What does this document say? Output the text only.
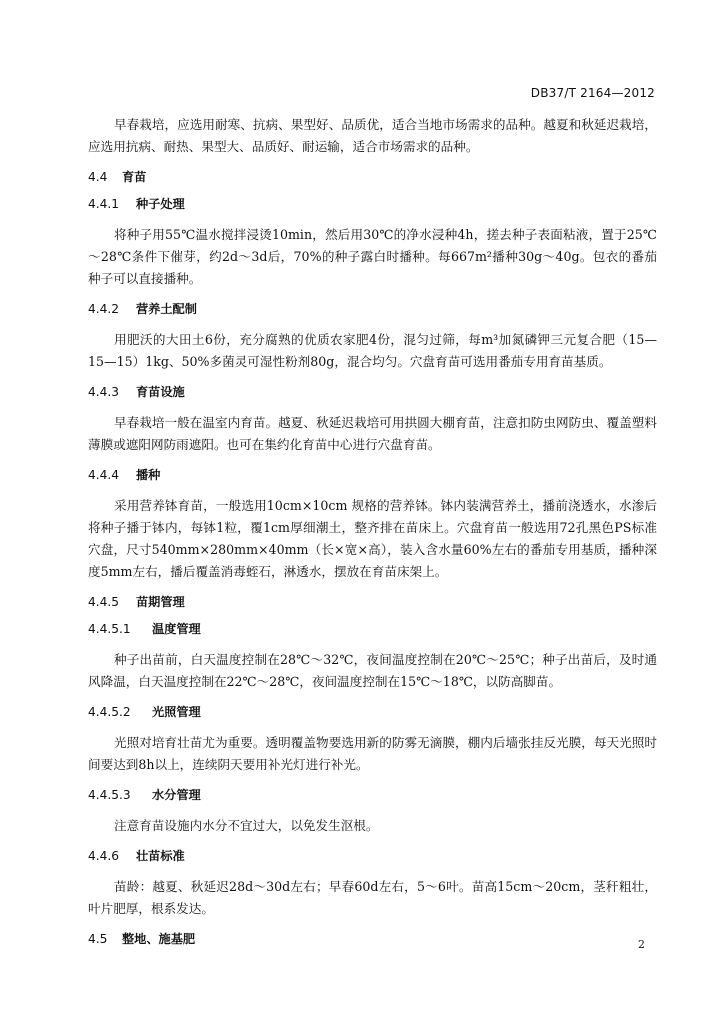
DB37/T 2164—2012

早春栽培，应选用耐寒、抗病、果型好、品质优，适合当地市场需求的品种。越夏和秋延迟栽培，应选用抗病、耐热、果型大、品质好、耐运输，适合市场需求的品种。

4.4	育苗
4.4.1	种子处理

将种子用55℃温水搅拌浸烫10min，然后用30℃的净水浸种4h，搓去种子表面粘液，置于25℃～28℃条件下催芽，约2d～3d后，70%的种子露白时播种。每667m²播种30g～40g。包衣的番茄种子可以直接播种。

4.4.2	营养土配制

用肥沃的大田土6份，充分腐熟的优质农家肥4份，混匀过筛，每m³加氮磷钾三元复合肥（15—15—15）1kg、50%多菌灵可湿性粉剂80g，混合均匀。穴盘育苗可选用番茄专用育苗基质。

4.4.3	育苗设施

早春栽培一般在温室内育苗。越夏、秋延迟栽培可用拱圆大棚育苗，注意扣防虫网防虫、覆盖塑料薄膜或遮阳网防雨遮阳。也可在集约化育苗中心进行穴盘育苗。

4.4.4	播种

采用营养钵育苗，一般选用10cm×10cm 规格的营养钵。钵内装满营养土，播前浇透水，水渗后将种子播于钵内，每钵1粒，覆1cm厚细潮土，整齐排在苗床上。穴盘育苗一般选用72孔黑色PS标准穴盘，尺寸540mm×280mm×40mm（长×宽×高），装入含水量60%左右的番茄专用基质，播种深度5mm左右，播后覆盖消毒蛭石，淋透水，摆放在育苗床架上。

4.4.5	苗期管理
4.4.5.1	温度管理

种子出苗前，白天温度控制在28℃～32℃，夜间温度控制在20℃～25℃；种子出苗后，及时通风降温，白天温度控制在22℃～28℃，夜间温度控制在15℃～18℃，以防高脚苗。

4.4.5.2	光照管理

光照对培育壮苗尤为重要。透明覆盖物要选用新的防雾无滴膜，棚内后墙张挂反光膜，每天光照时间要达到8h以上，连续阴天要用补光灯进行补光。

4.4.5.3	水分管理

注意育苗设施内水分不宜过大，以免发生沤根。

4.4.6	壮苗标准

苗龄：越夏、秋延迟28d～30d左右；早春60d左右，5～6叶。苗高15cm～20cm，茎秆粗壮，叶片肥厚，根系发达。

4.5	整地、施基肥	2
